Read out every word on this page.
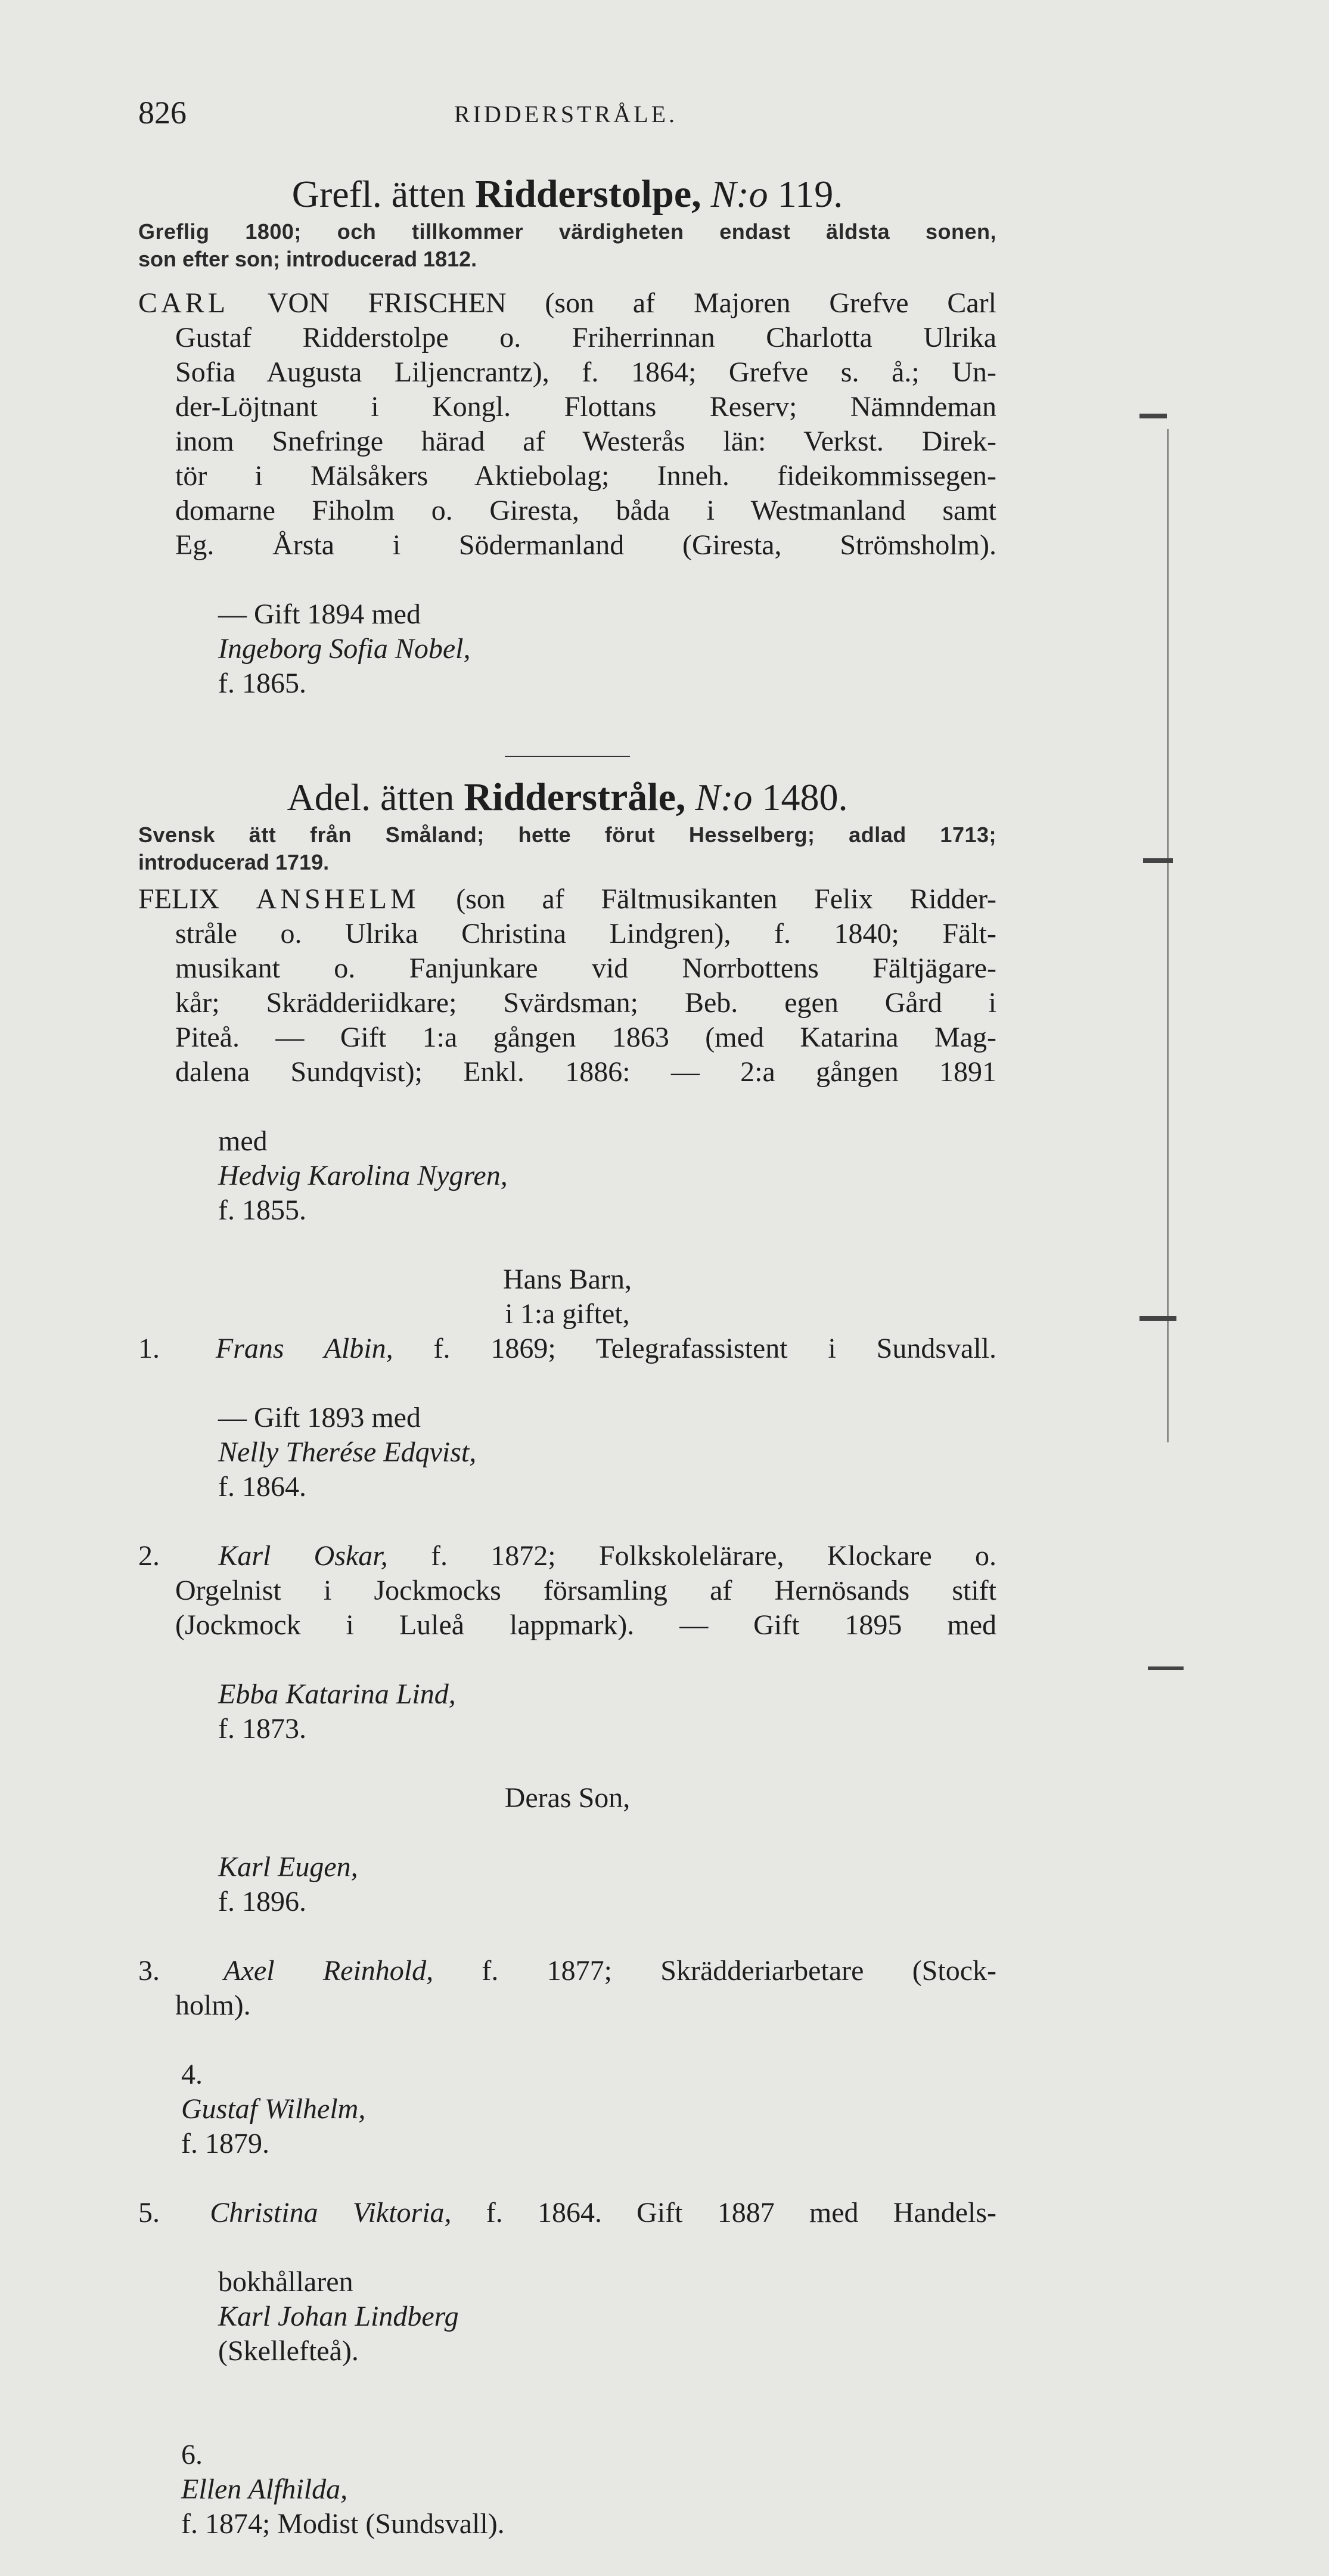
826	RIDDERSTRÅLE.
Grefl. ätten Ridderstolpe, N:o 119.
Greflig 1800; och tillkommer värdigheten endast äldsta sonen,
son efter son; introducerad 1812.
CARL VON FRISCHEN (son af Majoren Grefve Carl
Gustaf Ridderstolpe o. Friherrinnan Charlotta Ulrika
Sofia Augusta Liljencrantz), f. 1864; Grefve s. å.; Un-
der-Löjtnant i Kongl. Flottans Reserv; Nämndeman
inom Snefringe härad af Westerås län: Verkst. Direk-
tör i Mälsåkers Aktiebolag; Inneh. fideikommissegen-
domarne Fiholm o. Giresta, båda i Westmanland samt
Eg. Årsta i Södermanland (Giresta, Strömsholm).

— Gift 1894 med
Ingeborg Sofia Nobel,
f. 1865.

Adel. ätten Ridderstråle, N:o 1480.
Svensk ätt från Småland; hette förut Hesselberg; adlad 1713;
introducerad 1719.
FELIX ANSHELM (son af Fältmusikanten Felix Ridder-
stråle o. Ulrika Christina Lindgren), f. 1840; Fält-
musikant o. Fanjunkare vid Norrbottens Fältjägare-
kår; Skrädderiidkare; Svärdsman; Beb. egen Gård i
Piteå. — Gift 1:a gången 1863 (med Katarina Mag-
dalena Sundqvist); Enkl. 1886: — 2:a gången 1891

med
Hedvig Karolina Nygren,
f. 1855.

Hans Barn,
i 1:a giftet,
1. Frans Albin, f. 1869; Telegrafassistent i Sundsvall.

— Gift 1893 med
Nelly Therése Edqvist,
f. 1864.

2. Karl Oskar, f. 1872; Folkskolelärare, Klockare o.
Orgelnist i Jockmocks församling af Hernösands stift
(Jockmock i Luleå lappmark). — Gift 1895 med

Ebba Katarina Lind,
f. 1873.

Deras Son,

Karl Eugen,
f. 1896.

3. Axel Reinhold, f. 1877; Skrädderiarbetare (Stock-
holm).

4.
Gustaf Wilhelm,
f. 1879.

5. Christina Viktoria, f. 1864. Gift 1887 med Handels-

bokhållaren
Karl Johan Lindberg
(Skellefteå).

6.
Ellen Alfhilda,
f. 1874; Modist (Sundsvall).
